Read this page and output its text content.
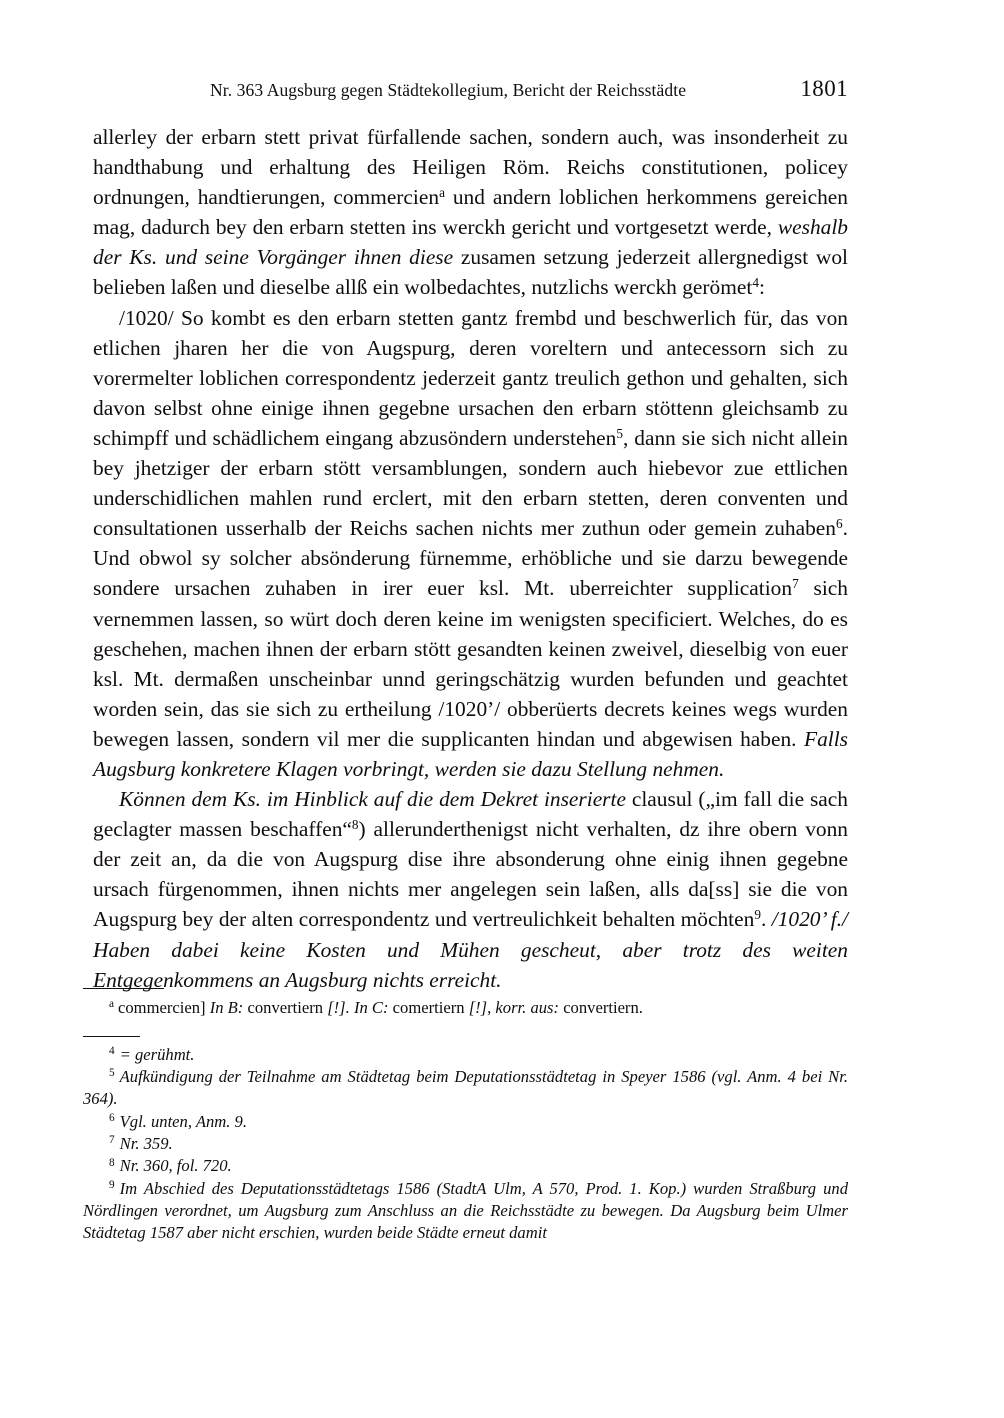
Nr. 363 Augsburg gegen Städtekollegium, Bericht der Reichsstädte	1801

allerley der erbarn stett privat fürfallende sachen, sondern auch, was insonderheit zu handthabung und erhaltung des Heiligen Röm. Reichs constitutionen, policey ordnungen, handtierungen, commercien$^a$ und andern loblichen herkommens gereichen mag, dadurch bey den erbarn stetten ins werckh gericht und vortgesetzt werde, weshalb der Ks. und seine Vorgänger ihnen diese zusamen setzung jederzeit allergnedigst wol belieben laßen und dieselbe allß ein wolbedachtes, nutzlichs werckh gerömet$^4$:

/1020/ So kombt es den erbarn stetten gantz frembd und beschwerlich für, das von etlichen jharen her die von Augspurg, deren voreltern und antecessorn sich zu vorermelter loblichen correspondentz jederzeit gantz treulich gethon und gehalten, sich davon selbst ohne einige ihnen gegebne ursachen den erbarn stöttenn gleichsamb zu schimpff und schädlichem eingang abzusöndern understehen$^5$, dann sie sich nicht allein bey jhetziger der erbarn stött versamblungen, sondern auch hiebevor zue ettlichen underschidlichen mahlen rund erclert, mit den erbarn stetten, deren conventen und consultationen usserhalb der Reichs sachen nichts mer zuthun oder gemein zuhaben$^6$. Und obwol sy solcher absönderung fürnemme, erhöbliche und sie darzu bewegende sondere ursachen zuhaben in irer euer ksl. Mt. uberreichter supplication$^7$ sich vernemmen lassen, so würt doch deren keine im wenigsten specificiert. Welches, do es geschehen, machen ihnen der erbarn stött gesandten keinen zweivel, dieselbig von euer ksl. Mt. dermaßen unscheinbar unnd geringschätzig wurden befunden und geachtet worden sein, das sie sich zu ertheilung /1020’/ obberüerts decrets keines wegs wurden bewegen lassen, sondern vil mer die supplicanten hindan und abgewisen haben. Falls Augsburg konkretere Klagen vorbringt, werden sie dazu Stellung nehmen.

Können dem Ks. im Hinblick auf die dem Dekret inserierte clausul („im fall die sach geclagter massen beschaffen“$^8$) allerunderthenigst nicht verhalten, dz ihre obern vonn der zeit an, da die von Augspurg dise ihre absonderung ohne einig ihnen gegebne ursach fürgenommen, ihnen nichts mer angelegen sein laßen, alls da[ss] sie die von Augspurg bey der alten correspondentz und vertreulichkeit behalten möchten$^9$. /1020’ f./ Haben dabei keine Kosten und Mühen gescheut, aber trotz des weiten Entgegenkommens an Augsburg nichts erreicht.

a commercien] In B: convertiern [!]. In C: comertiern [!], korr. aus: convertiern.

4 = gerühmt.

5 Aufkündigung der Teilnahme am Städtetag beim Deputationsstädtetag in Speyer 1586 (vgl. Anm. 4 bei Nr. 364).

6 Vgl. unten, Anm. 9.

7 Nr. 359.

8 Nr. 360, fol. 720.

9 Im Abschied des Deputationsstädtetags 1586 (StadtA Ulm, A 570, Prod. 1. Kop.) wurden Straßburg und Nördlingen verordnet, um Augsburg zum Anschluss an die Reichsstädte zu bewegen. Da Augsburg beim Ulmer Städtetag 1587 aber nicht erschien, wurden beide Städte erneut damit
